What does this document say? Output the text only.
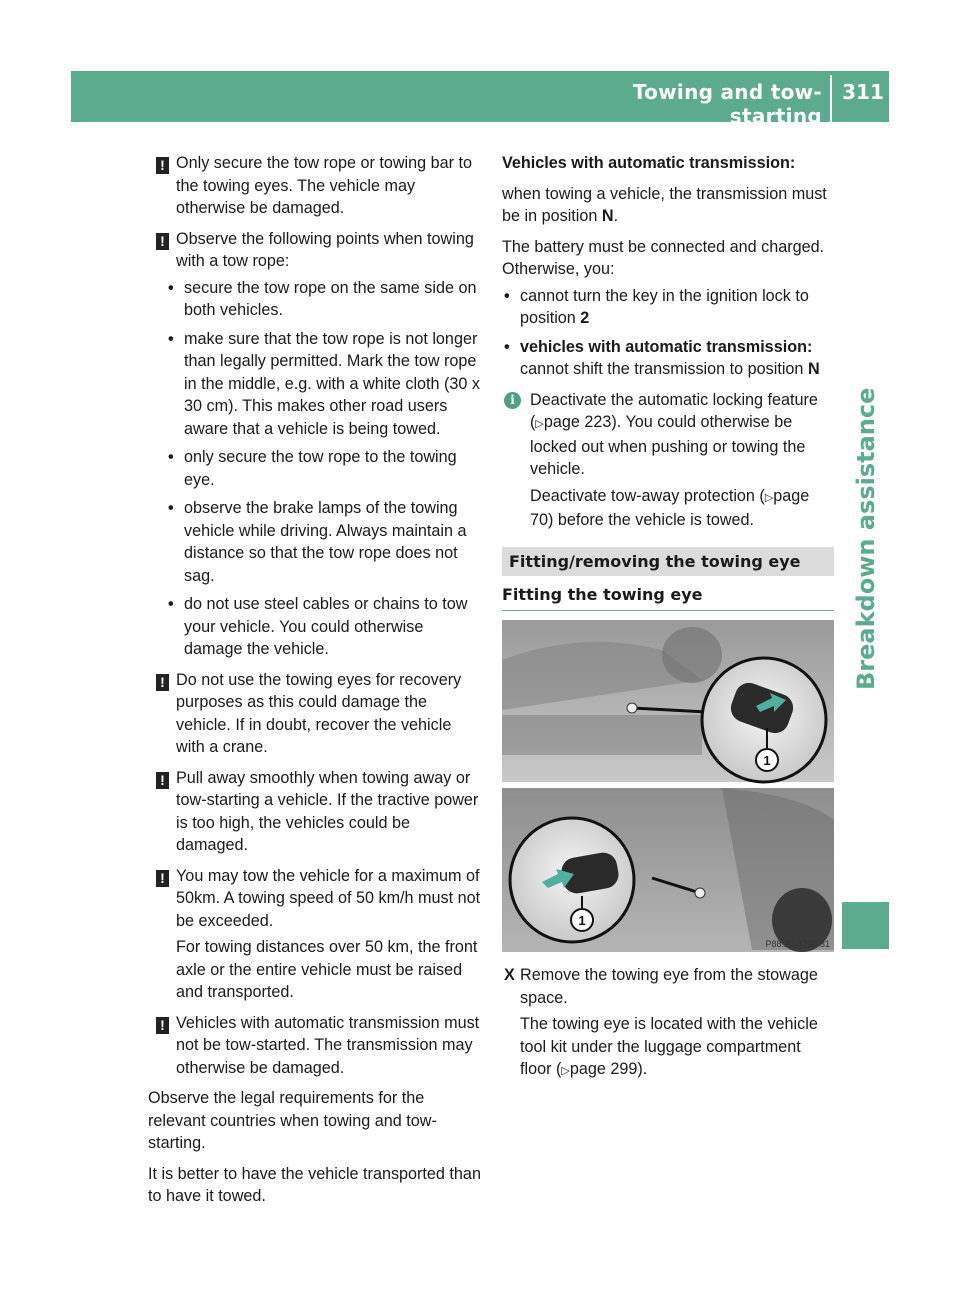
Towing and tow-starting
311
Breakdown assistance

! Only secure the tow rope or towing bar to the towing eyes. The vehicle may otherwise be damaged.

! Observe the following points when towing with a tow rope:

• secure the tow rope on the same side on both vehicles.
• make sure that the tow rope is not longer than legally permitted. Mark the tow rope in the middle, e.g. with a white cloth (30 x 30 cm). This makes other road users aware that a vehicle is being towed.
• only secure the tow rope to the towing eye.
• observe the brake lamps of the towing vehicle while driving. Always maintain a distance so that the tow rope does not sag.
• do not use steel cables or chains to tow your vehicle. You could otherwise damage the vehicle.

! Do not use the towing eyes for recovery purposes as this could damage the vehicle. If in doubt, recover the vehicle with a crane.

! Pull away smoothly when towing away or tow-starting a vehicle. If the tractive power is too high, the vehicles could be damaged.

! You may tow the vehicle for a maximum of 50km. A towing speed of 50 km/h must not be exceeded.

For towing distances over 50 km, the front axle or the entire vehicle must be raised and transported.

! Vehicles with automatic transmission must not be tow-started. The transmission may otherwise be damaged.

Observe the legal requirements for the relevant countries when towing and tow-starting.

It is better to have the vehicle transported than to have it towed.

Vehicles with automatic transmission:

when towing a vehicle, the transmission must be in position N.

The battery must be connected and charged. Otherwise, you:

• cannot turn the key in the ignition lock to position 2
• vehicles with automatic transmission:
cannot shift the transmission to position N

i Deactivate the automatic locking feature (▷page 223). You could otherwise be locked out when pushing or towing the vehicle.

Deactivate tow-away protection (▷page 70) before the vehicle is towed.

Fitting/removing the towing eye
Fitting the towing eye
1
1
P88.20-3790-31

X Remove the towing eye from the stowage space.

The towing eye is located with the vehicle tool kit under the luggage compartment floor (▷page 299).
